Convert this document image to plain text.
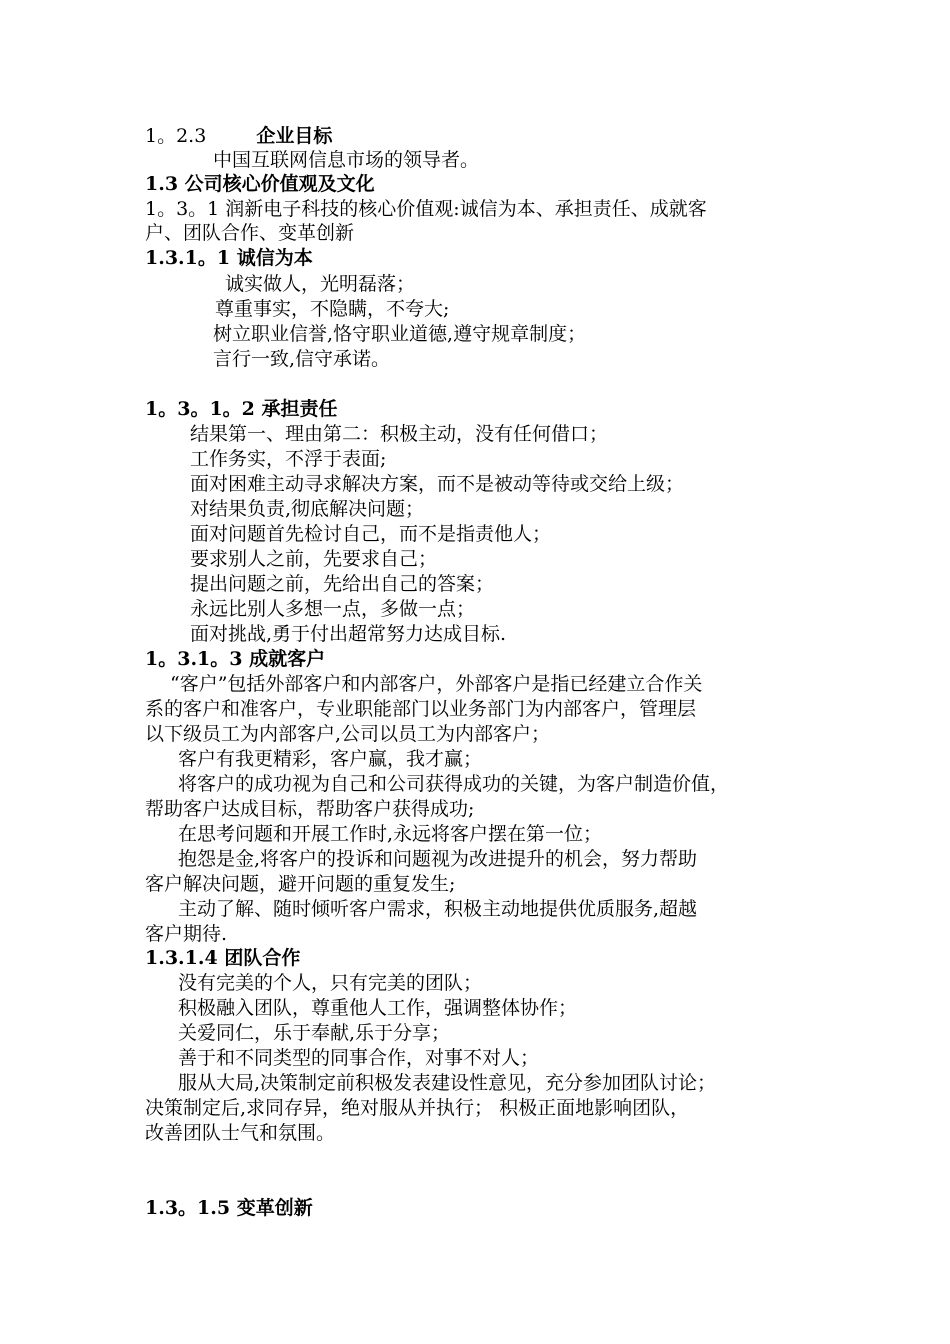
1。2.3	企业目标
中国互联网信息市场的领导者。
1.3 公司核心价值观及文化
1。3。1 润新电子科技的核心价值观:诚信为本、承担责任、成就客
户、团队合作、变革创新
1.3.1。1 诚信为本
诚实做人，光明磊落；
尊重事实，不隐瞒，不夸大;
树立职业信誉,恪守职业道德,遵守规章制度；
言行一致,信守承诺。
1。3。1。2 承担责任
结果第一、理由第二：积极主动，没有任何借口；
工作务实，不浮于表面;
面对困难主动寻求解决方案，而不是被动等待或交给上级；
对结果负责,彻底解决问题；
面对问题首先检讨自己，而不是指责他人；
要求别人之前，先要求自己；
提出问题之前，先给出自己的答案；
永远比别人多想一点，多做一点；
面对挑战,勇于付出超常努力达成目标.
1。3.1。3 成就客户
“客户”包括外部客户和内部客户，外部客户是指已经建立合作关
系的客户和准客户，专业职能部门以业务部门为内部客户，管理层
以下级员工为内部客户,公司以员工为内部客户；
客户有我更精彩，客户赢，我才赢；
将客户的成功视为自己和公司获得成功的关键，为客户制造价值，
帮助客户达成目标，帮助客户获得成功;
在思考问题和开展工作时,永远将客户摆在第一位；
抱怨是金,将客户的投诉和问题视为改进提升的机会，努力帮助
客户解决问题，避开问题的重复发生;
主动了解、随时倾听客户需求，积极主动地提供优质服务,超越
客户期待.
1.3.1.4 团队合作
没有完美的个人，只有完美的团队；
积极融入团队，尊重他人工作，强调整体协作；
关爱同仁，乐于奉献,乐于分享；
善于和不同类型的同事合作，对事不对人；
服从大局,决策制定前积极发表建设性意见，充分参加团队讨论；
决策制定后,求同存异，绝对服从并执行； 积极正面地影响团队，
改善团队士气和氛围。
1.3。1.5 变革创新
